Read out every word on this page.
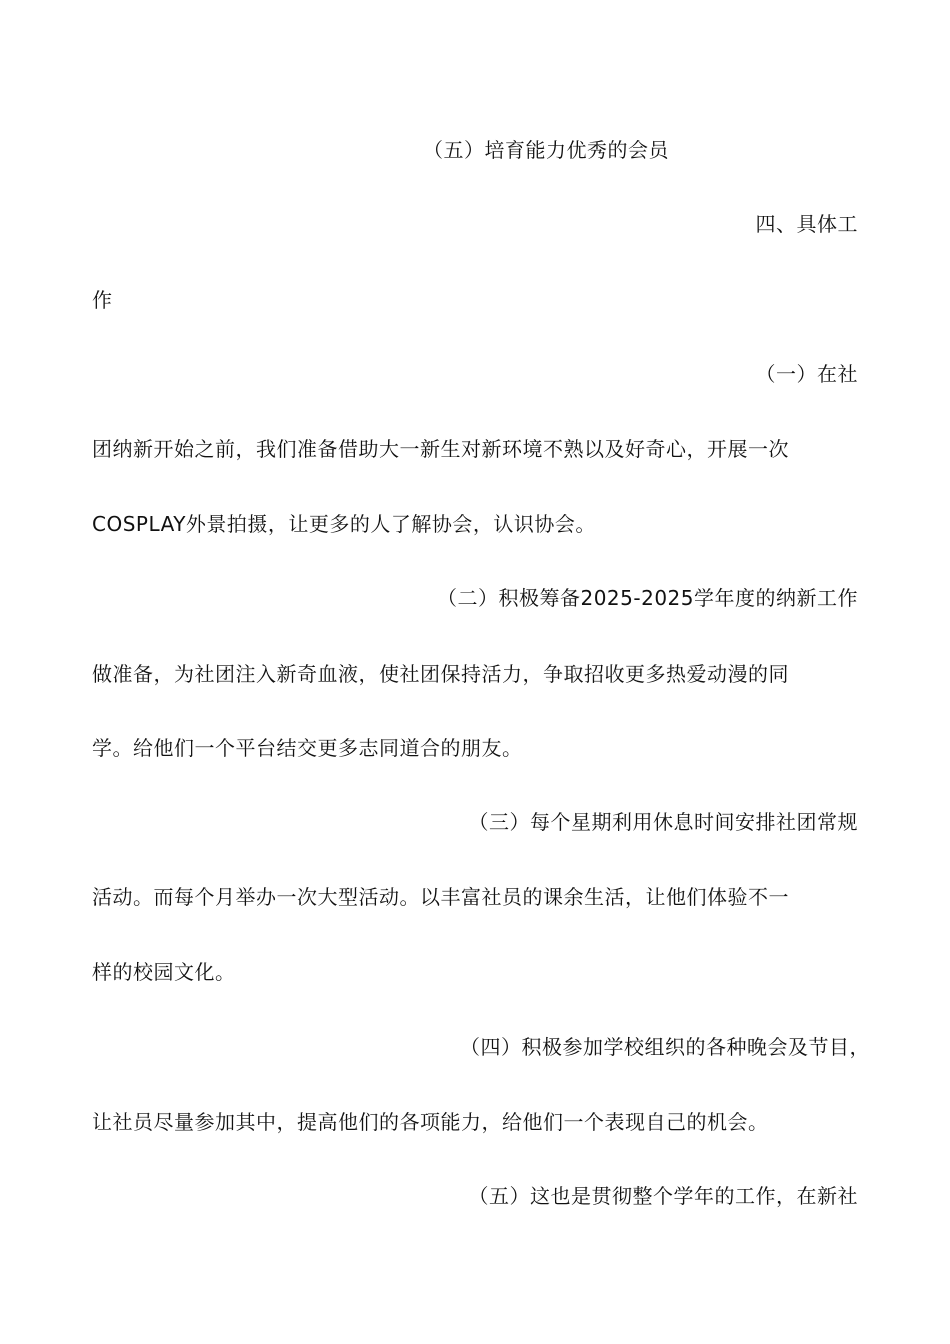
（五）培育能力优秀的会员
四、具体工
作
（一）在社
团纳新开始之前，我们准备借助大一新生对新环境不熟以及好奇心，开展一次
COSPLAY外景拍摄，让更多的人了解协会，认识协会。
（二）积极筹备2025-2025学年度的纳新工作
做准备，为社团注入新奇血液，使社团保持活力，争取招收更多热爱动漫的同
学。给他们一个平台结交更多志同道合的朋友。
（三）每个星期利用休息时间安排社团常规
活动。而每个月举办一次大型活动。以丰富社员的课余生活，让他们体验不一
样的校园文化。
（四）积极参加学校组织的各种晚会及节目，
让社员尽量参加其中，提高他们的各项能力，给他们一个表现自己的机会。
（五）这也是贯彻整个学年的工作，在新社
